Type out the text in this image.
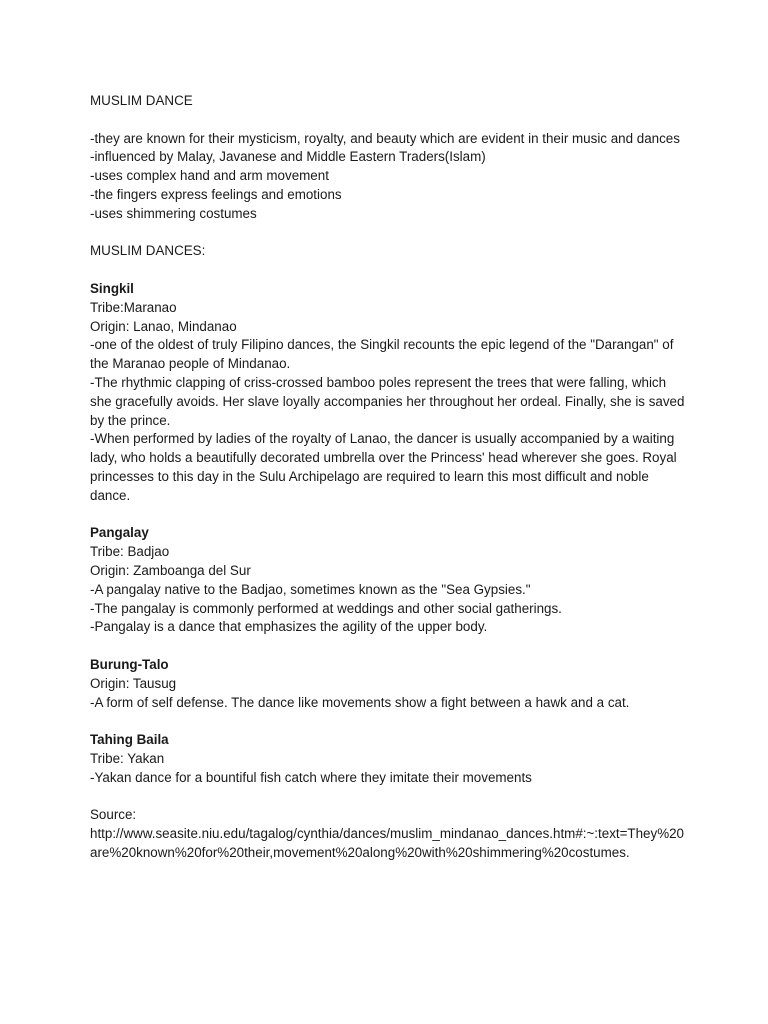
MUSLIM DANCE

-they are known for their mysticism, royalty, and beauty which are evident in their music and dances

-influenced by Malay, Javanese and Middle Eastern Traders(Islam)

-uses complex hand and arm movement

-the fingers express feelings and emotions

-uses shimmering costumes

MUSLIM DANCES:

Singkil

Tribe:Maranao

Origin: Lanao, Mindanao

-one of the oldest of truly Filipino dances, the Singkil recounts the epic legend of the "Darangan" of the Maranao people of Mindanao.

-The rhythmic clapping of criss-crossed bamboo poles represent the trees that were falling, which she gracefully avoids. Her slave loyally accompanies her throughout her ordeal. Finally, she is saved by the prince.

-When performed by ladies of the royalty of Lanao, the dancer is usually accompanied by a waiting lady, who holds a beautifully decorated umbrella over the Princess' head wherever she goes. Royal princesses to this day in the Sulu Archipelago are required to learn this most difficult and noble dance.

Pangalay

Tribe: Badjao

Origin: Zamboanga del Sur

-A pangalay native to the Badjao, sometimes known as the "Sea Gypsies."

-The pangalay is commonly performed at weddings and other social gatherings.

-Pangalay is a dance that emphasizes the agility of the upper body.

Burung-Talo

Origin: Tausug

-A form of self defense. The dance like movements show a fight between a hawk and a cat.

Tahing Baila

Tribe: Yakan

-Yakan dance for a bountiful fish catch where they imitate their movements

Source:

http://www.seasite.niu.edu/tagalog/cynthia/dances/muslim_mindanao_dances.htm#:~:text=They%20are%20known%20for%20their,movement%20along%20with%20shimmering%20costumes.
